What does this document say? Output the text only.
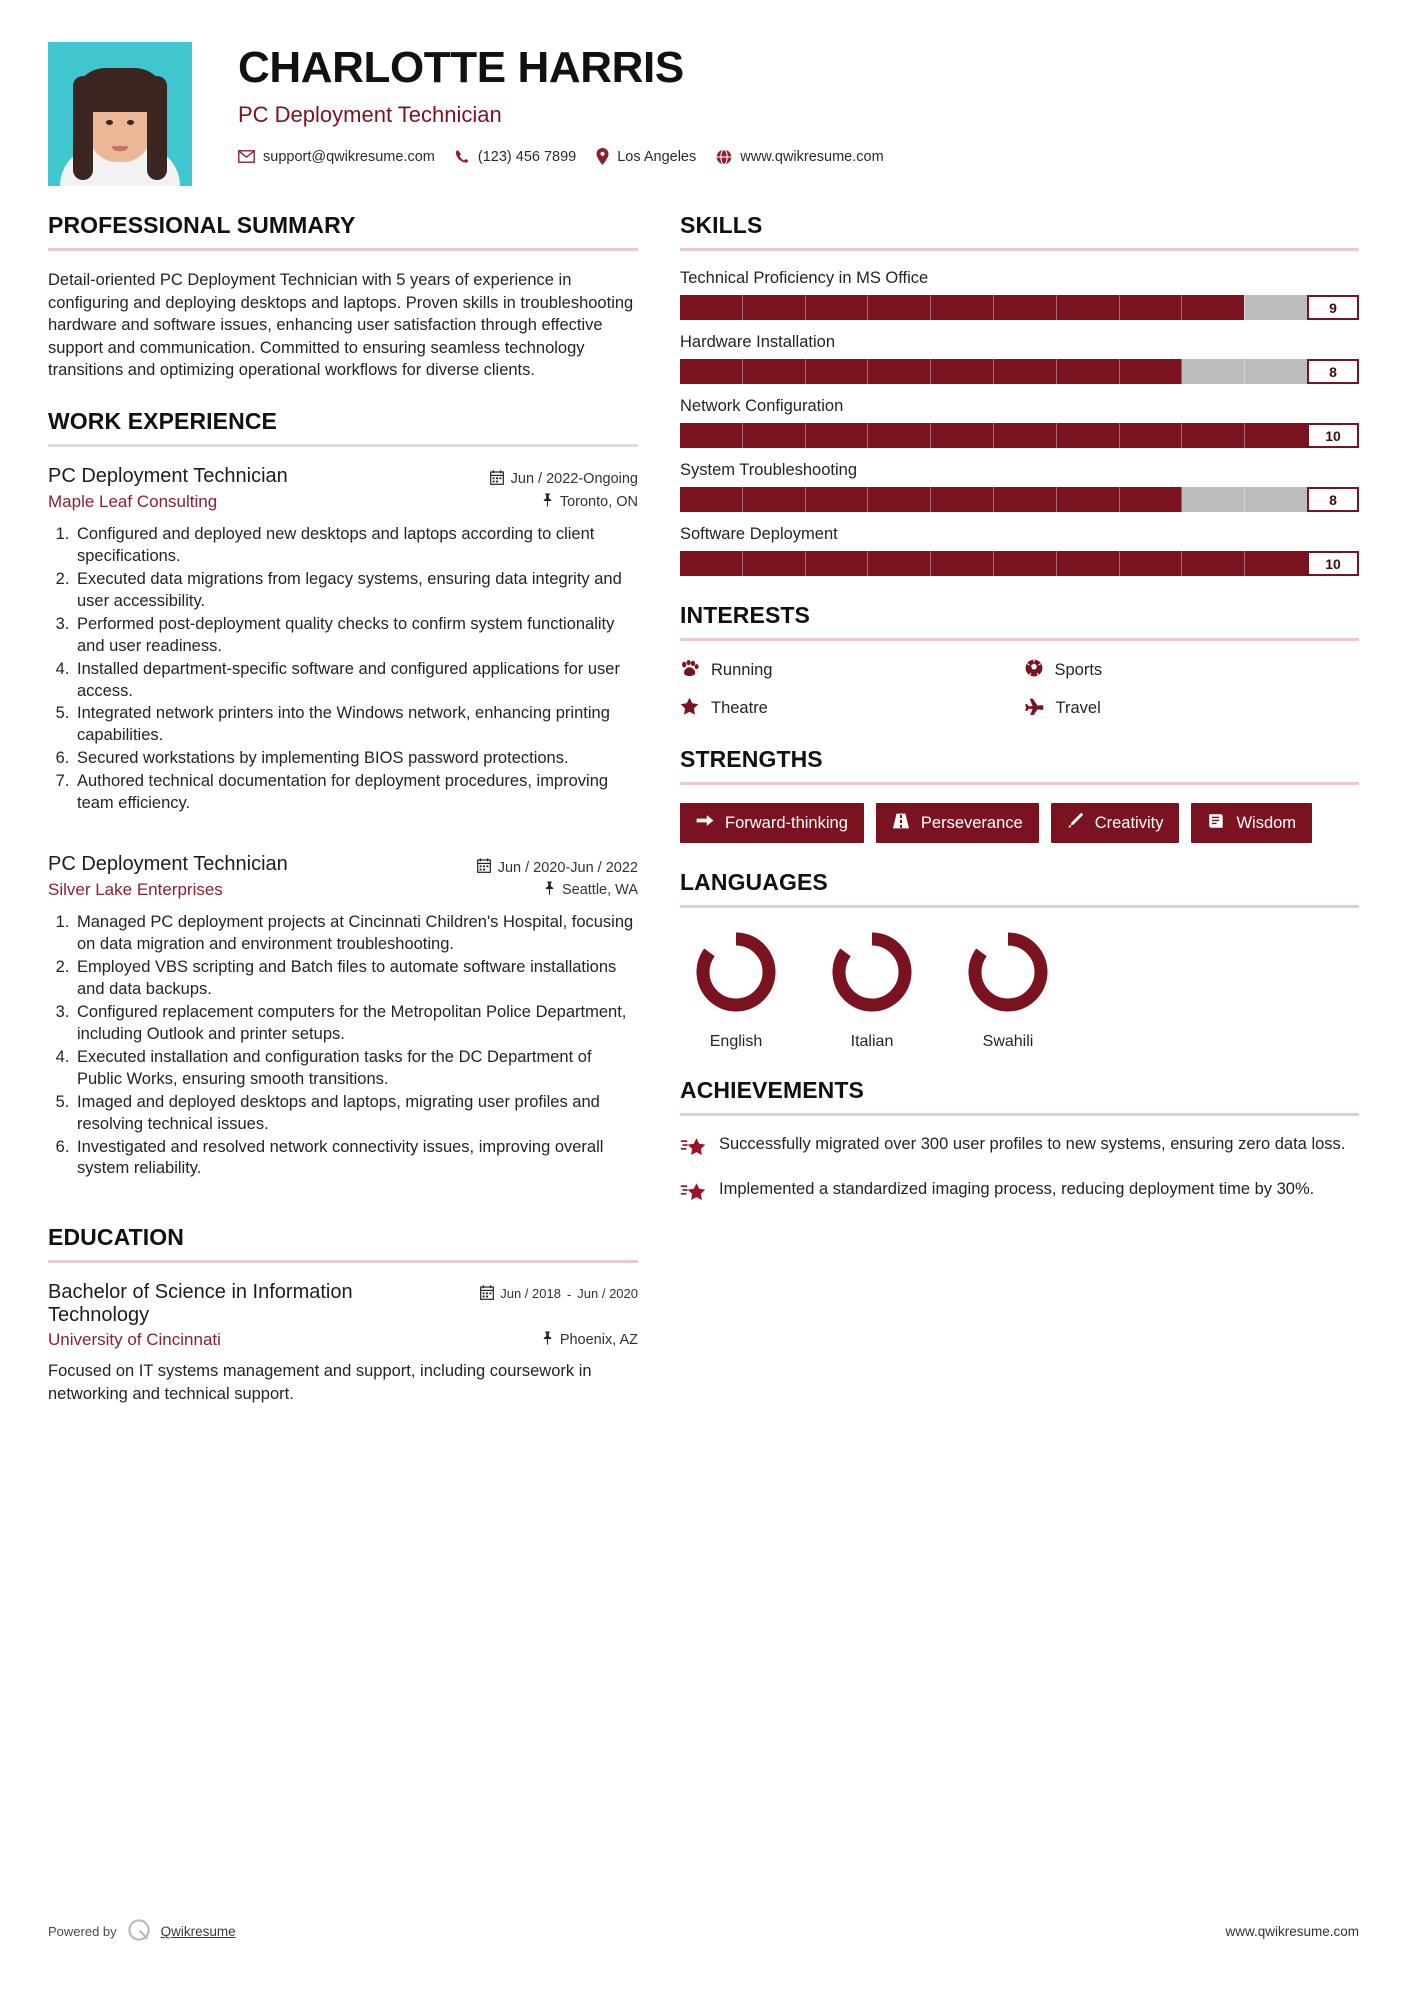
CHARLOTTE HARRIS
PC Deployment Technician
support@qwikresume.com	(123) 456 7899	Los Angeles	www.qwikresume.com
PROFESSIONAL SUMMARY
Detail-oriented PC Deployment Technician with 5 years of experience in configuring and deploying desktops and laptops. Proven skills in troubleshooting hardware and software issues, enhancing user satisfaction through effective support and communication. Committed to ensuring seamless technology transitions and optimizing operational workflows for diverse clients.
WORK EXPERIENCE
PC Deployment Technician	Jun / 2022-Ongoing
Maple Leaf Consulting	Toronto, ON
1. Configured and deployed new desktops and laptops according to client specifications.
2. Executed data migrations from legacy systems, ensuring data integrity and user accessibility.
3. Performed post-deployment quality checks to confirm system functionality and user readiness.
4. Installed department-specific software and configured applications for user access.
5. Integrated network printers into the Windows network, enhancing printing capabilities.
6. Secured workstations by implementing BIOS password protections.
7. Authored technical documentation for deployment procedures, improving team efficiency.
PC Deployment Technician	Jun / 2020-Jun / 2022
Silver Lake Enterprises	Seattle, WA
1. Managed PC deployment projects at Cincinnati Children's Hospital, focusing on data migration and environment troubleshooting.
2. Employed VBS scripting and Batch files to automate software installations and data backups.
3. Configured replacement computers for the Metropolitan Police Department, including Outlook and printer setups.
4. Executed installation and configuration tasks for the DC Department of Public Works, ensuring smooth transitions.
5. Imaged and deployed desktops and laptops, migrating user profiles and resolving technical issues.
6. Investigated and resolved network connectivity issues, improving overall system reliability.
EDUCATION
Bachelor of Science in Information Technology
Jun / 2018 - Jun / 2020
University of Cincinnati	Phoenix, AZ
Focused on IT systems management and support, including coursework in networking and technical support.
SKILLS
Technical Proficiency in MS Office
9
Hardware Installation
8
Network Configuration
10
System Troubleshooting
8
Software Deployment
10
INTERESTS
Running	Sports
Theatre	Travel
STRENGTHS
Forward-thinking	Perseverance	Creativity	Wisdom
LANGUAGES
English	Italian	Swahili
ACHIEVEMENTS
Successfully migrated over 300 user profiles to new systems, ensuring zero data loss.
Implemented a standardized imaging process, reducing deployment time by 30%.
Powered by	Qwikresume	www.qwikresume.com
